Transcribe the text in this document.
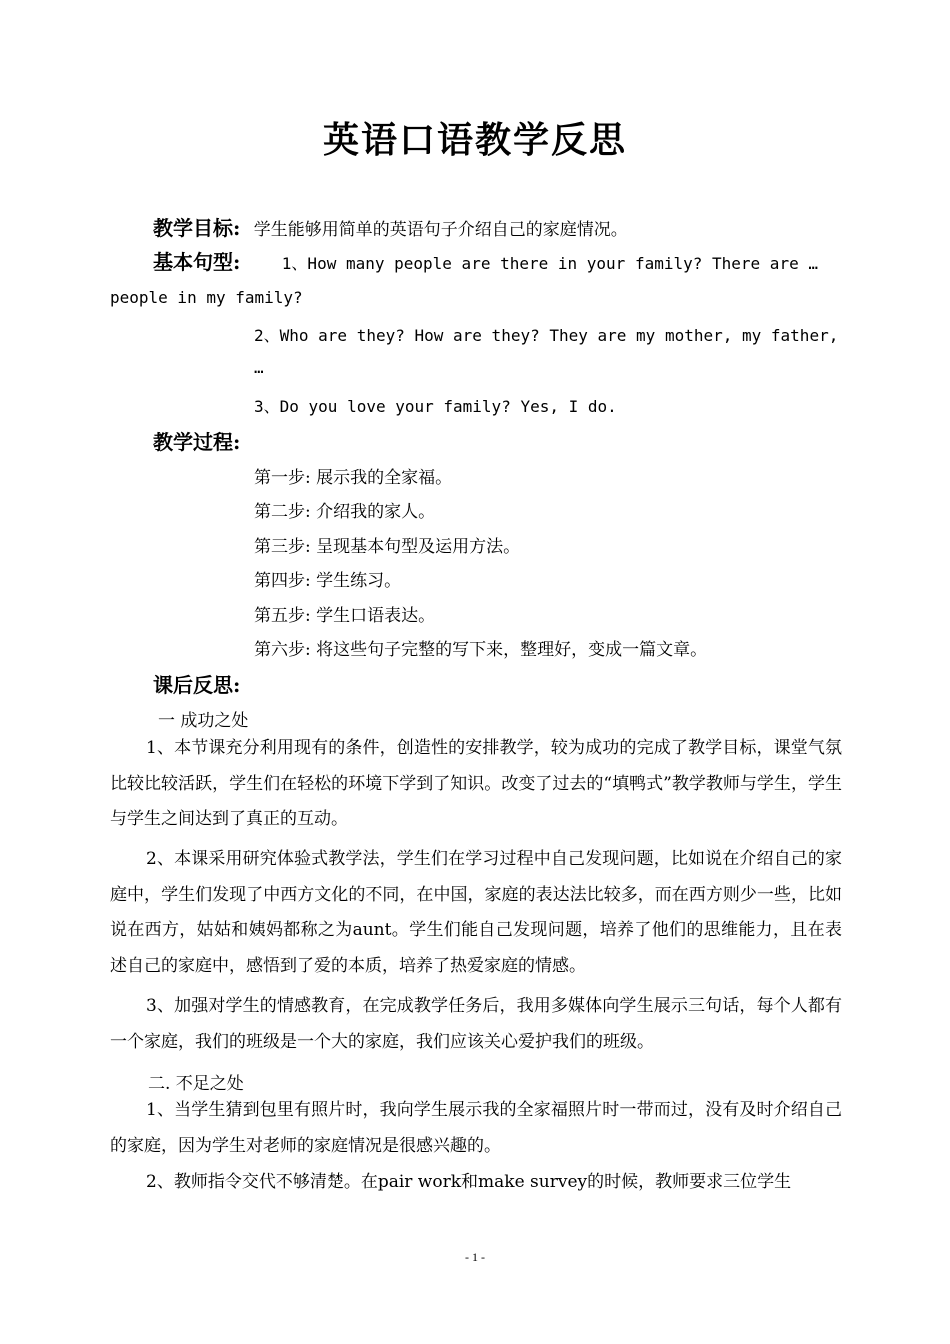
英语口语教学反思
教学目标: 学生能够用简单的英语句子介绍自己的家庭情况。
基本句型:	1、How many people are there in your family? There are …
people in my family?
2、Who are they? How are they? They are my mother, my father,
…
3、Do you love your family? Yes, I do.
教学过程:
第一步: 展示我的全家福。
第二步: 介绍我的家人。
第三步: 呈现基本句型及运用方法。
第四步: 学生练习。
第五步: 学生口语表达。
第六步: 将这些句子完整的写下来，整理好，变成一篇文章。
课后反思:
一 成功之处
1、本节课充分利用现有的条件，创造性的安排教学，较为成功的完成了教学目标，课堂气氛比较比较活跃，学生们在轻松的环境下学到了知识。改变了过去的“填鸭式”教学教师与学生，学生与学生之间达到了真正的互动。
2、本课采用研究体验式教学法，学生们在学习过程中自己发现问题，比如说在介绍自己的家庭中，学生们发现了中西方文化的不同，在中国，家庭的表达法比较多，而在西方则少一些，比如说在西方，姑姑和姨妈都称之为aunt。学生们能自己发现问题，培养了他们的思维能力，且在表述自己的家庭中，感悟到了爱的本质，培养了热爱家庭的情感。
3、加强对学生的情感教育，在完成教学任务后，我用多媒体向学生展示三句话，每个人都有一个家庭，我们的班级是一个大的家庭，我们应该关心爱护我们的班级。
二. 不足之处
1、当学生猜到包里有照片时，我向学生展示我的全家福照片时一带而过，没有及时介绍自己的家庭，因为学生对老师的家庭情况是很感兴趣的。
2、教师指令交代不够清楚。在pair work和make survey的时候，教师要求三位学生
- 1 -
